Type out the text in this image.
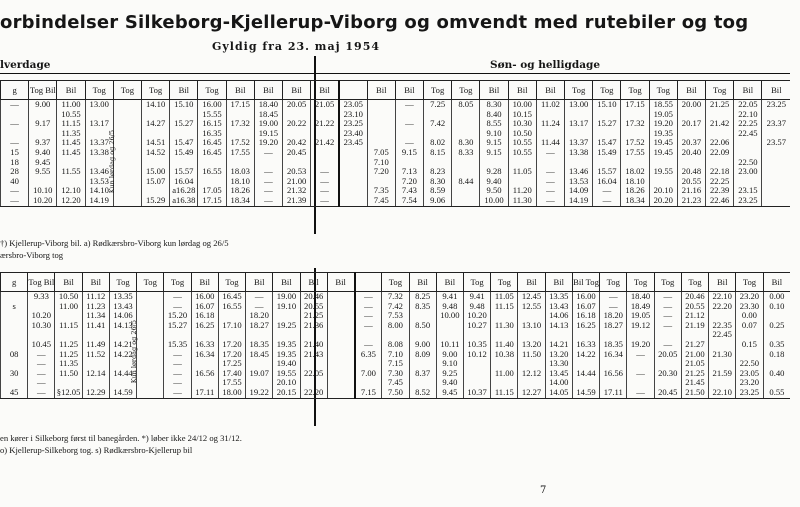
orbindelser Silkeborg-Kjellerup-Viborg og omvendt med rutebiler og tog
Gyldig fra 23. maj 1954
lverdage	Søn- og helligdage
g	Tog Bil	Bil	Tog	Tog	Tog	Bil	Tog	Bil	Bil	Bil	Bil		Bil	Bil	Tog	Tog	Bil	Bil	Bil	Tog	Tog	Tog	Tog	Bil	Tog	Bil	Bil
—	9.00	11.00	13.00		14.10	15.10	16.00	17.15	18.40	20.05	21.05	23.05		—	7.25	8.05	8.30	10.00	11.02	13.00	15.10	17.15	18.55	20.00	21.25	22.05	23.25
		10.55					15.55		18.45			23.10					8.40	10.15					19.05			22.10	
—	9.17	11.15	13.17		14.27	15.27	16.15	17.32	19.00	20.22	21.22	23.25		—	7.42		8.55	10.30	11.24	13.17	15.27	17.32	19.20	20.17	21.42	22.25	23.37
		11.35					16.35		19.15			23.40					9.10	10.50					19.35			22.45	
—	9.37	11.45	13.37		14.51	15.47	16.45	17.52	19.20	20.42	21.42	23.45		—	8.02	8.30	9.15	10.55	11.44	13.37	15.47	17.52	19.45	20.37	22.06		23.57
15	9.40	11.45	13.38		14.52	15.49	16.45	17.55	—	20.45			7.05	9.15	8.15	8.33	9.15	10.55	—	13.38	15.49	17.55	19.45	20.40	22.09		
18	9.45												7.10													22.50	
28	9.55	11.55	13.46		15.00	15.57	16.55	18.03	—	20.53	—		7.20	7.13	8.23		9.28	11.05	—	13.46	15.57	18.02	19.55	20.48	22.18	23.00	
40			13.53		15.07	16.04		18.10	—	21.00	—			7.20	8.30	8.44	9.40		—	13.53	16.04	18.10		20.55	22.25		
—	10.10	12.10	14.10			a16.28	17.05	18.26	—	21.32	—		7.35	7.43	8.59		9.50	11.20	—	14.09	—	18.26	20.10	21.16	22.39	23.15	
—	10.20	12.20	14.19		15.29	a16.38	17.15	18.34	—	21.39	—		7.45	7.54	9.06		10.00	11.30	—	14.19	—	18.34	20.20	21.23	22.46	23.25	
Kun lørdag og 26/5
†) Kjellerup-Viborg bil. a) Rødkærsbro-Viborg kun lørdag og 26/5
ærsbro-Viborg tog
g	Tog Bil	Bil	Bil	Tog	Tog	Tog	Bil	Tog	Bil	Bil	Bil	Bil		Tog	Bil	Bil	Tog	Tog	Bil	Bil	Bil Tog	Tog	Tog	Tog	Tog	Bil	Tog	Bil
	9.33	10.50	11.12	13.35		—	16.00	16.45	—	19.00	20.46		—	7.32	8.25	9.41	9.41	11.05	12.45	13.35	16.00	—	18.40	—	20.46	22.10	23.20	0.00
s		11.00	11.23	13.43		—	16.07	16.55	—	19.10	20.55		—	7.42	8.35	9.48	9.48	11.15	12.55	13.43	16.07	—	18.49	—	20.55	22.20	23.30	0.10
	10.20		11.34	14.06		15.20	16.18		18.20		21.25		—	7.53		10.00	10.20			14.06	16.18	18.20	19.05	—	21.12		0.00	
	10.30	11.15	11.41	14.13		15.27	16.25	17.10	18.27	19.25	21.36		—	8.00	8.50		10.27	11.30	13.10	14.13	16.25	18.27	19.12	—	21.19	22.35	0.07	0.25
																										22.45		
	10.45	11.25	11.49	14.21		15.35	16.33	17.20	18.35	19.35	21.40		—	8.08	9.00	10.11	10.35	11.40	13.20	14.21	16.33	18.35	19.20	—	21.27		0.15	0.35
08	—	11.25	11.52	14.22		—	16.34	17.20	18.45	19.35	21.43		6.35	7.10	8.09	9.00	10.12	10.38	11.50	13.20	14.22	16.34	—	20.05	21.00	21.30		0.18
	—	11.35				—		17.25		19.40				7.15		9.10				13.30					21.05		22.50	
30	—	11.50	12.14	14.44		—	16.56	17.40	19.07	19.55	22.05		7.00	7.30	8.37	9.25		11.00	12.12	13.45	14.44	16.56	—	20.30	21.25	21.59	23.05	0.40
	—					—		17.55		20.10				7.45		9.40				14.00					21.45		23.20	
45	—	§12.05	12.29	14.59		—	17.11	18.00	19.22	20.15	22.20		7.15	7.50	8.52	9.45	10.37	11.15	12.27	14.05	14.59	17.11	—	20.45	21.50	22.10	23.25	0.55
Kun lørdag og 26/5
en kører i Silkeborg først til banegården. *) løber ikke 24/12 og 31/12.
o) Kjellerup-Silkeborg tog. s) Rødkærsbro-Kjellerup bil
7
